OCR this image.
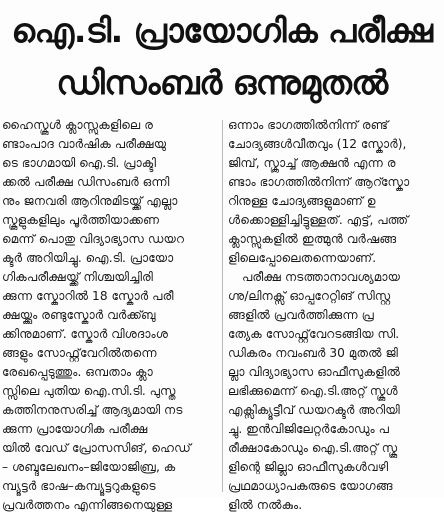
ഐ.ടി. പ്രായോഗിക പരീക്ഷ
ഡിസംബർ ഒന്നുമുതൽ
ഹൈസ്കൂൾ ക്ലാസ്സുകളിലെ ര
ണ്ടാംപാദ വാർഷിക പരീക്ഷയു
ടെ ഭാഗമായി ഐ.ടി. പ്രാക്ടി
ക്കൽ പരീക്ഷ ഡിസംബർ ഒന്നി
നും ജനവരി ആറിനുമിടയ്ക്ക് എല്ലാ
സ്കൂളുകളിലും പൂർത്തിയാക്കണ
മെന്ന് പൊതു വിദ്യാഭ്യാസ ഡയറ
ക്ടർ അറിയിച്ചു. ഐ.ടി. പ്രായോ
ഗികപരീക്ഷയ്ക്ക് നിശ്ചയിച്ചിരി
ക്കുന്ന സ്കോറിൽ 18 സ്കോർ പരീ
ക്ഷയ്ക്കും രണ്ടുസ്കോർ വർക്ക്ബു
ക്കിനുമാണ്. സ്കോർ വിശദാംശ
ങ്ങളും സോഫ്റ്റ്‌വേറിൽതന്നെ
രേഖപ്പെടുത്തും. ഒമ്പതാം ക്ലാ
സ്സിലെ പുതിയ ഐ.സി.ടി. പുസ്ത
കത്തിനനുസരിച്ച് ആദ്യമായി നട
ക്കുന്ന പ്രായോഗിക പരീക്ഷ
യിൽ വേഡ് പ്രോസസിങ്, ഹെഡ്
– ശബ്ദലേഖനം–ജിയോജിബ്ര, ക
മ്പ്യൂട്ടർ ഭാഷ–കമ്പ്യൂട്ടറുകളുടെ
പ്രവർത്തനം എന്നിങ്ങനെയുള്ള
ഒന്നാം ഭാഗത്തിൽനിന്ന് രണ്ട്
ചോദ്യങ്ങൾവീതവും (12 സ്കോർ),
ജിമ്പ്, സ്ക്രാച്ച് ആക്ഷൻ എന്ന ര
ണ്ടാം ഭാഗത്തിൽനിന്ന് ആറ്സ്കോ
റിനുള്ള ചോദ്യങ്ങളുമാണ് ഉ
ൾക്കൊള്ളിച്ചിട്ടുള്ളത്. എട്ട്, പത്ത്
ക്ലാസ്സുകളിൽ ഇത്മുൻ വർഷങ്ങ
ളിലെപ്പോലെതന്നെയാണ്.
പരീക്ഷ നടത്താനാവശ്യമായ
ഗ്നു/ലിനക്സ് ഓപ്പറേറ്റിങ് സിസ്റ്റ
ങ്ങളിൽ പ്രവർത്തിക്കുന്ന പ്ര
ത്യേക സോഫ്റ്റ്‌വേറടങ്ങിയ സി.
ഡികരം നവംബർ 30 മുതൽ ജി
ല്ലാ വിദ്യാഭ്യാസ ഓഫീസുകളിൽ
ലഭിക്കുമെന്ന് ഐ.ടി.അറ്റ് സ്കൂൾ
എക്സിക്യൂട്ടീവ് ഡയറക്ടർ അറിയി
ച്ചു. ഇൻവിജിലേറ്റർകോഡും പ
രീക്ഷാകോഡും ഐ.ടി.അറ്റ് സ്കൂ
ളിന്റെ ജില്ലാ ഓഫീസുകൾവഴി
പ്രഥമാധ്യാപകരുടെ യോഗങ്ങ
ളിൽ നൽകും.
